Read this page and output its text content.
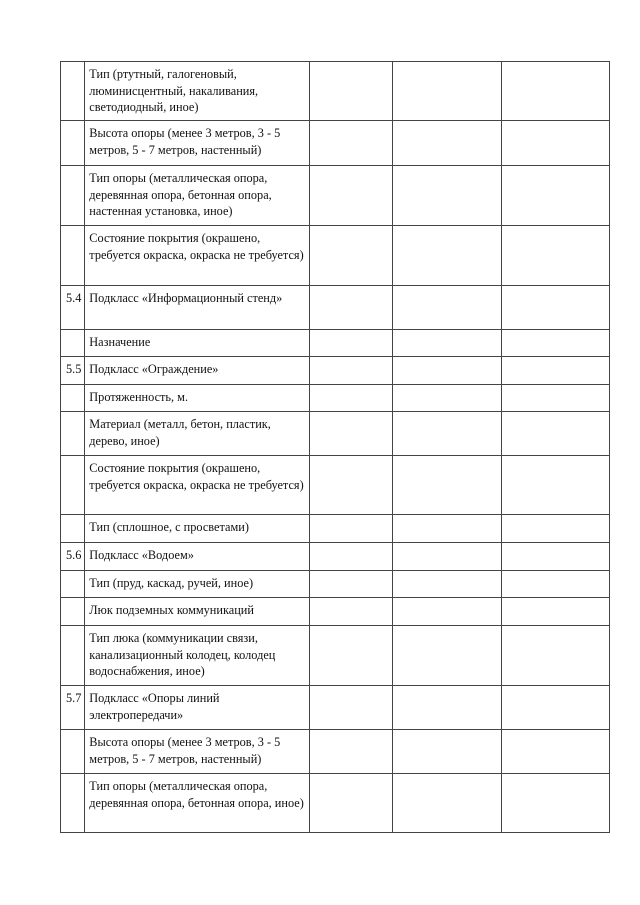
	Тип (ртутный, галогеновый, люминисцентный, накаливания, светодиодный, иное)			
	Высота опоры (менее 3 метров, 3 - 5 метров, 5 - 7 метров, настенный)			
	Тип опоры (металлическая опора, деревянная опора, бетонная опора, настенная установка, иное)			
	Состояние покрытия (окрашено, требуется окраска, окраска не требуется)			
5.4	Подкласс «Информационный стенд»			
	Назначение			
5.5	Подкласс «Ограждение»			
	Протяженность, м.			
	Материал (металл, бетон, пластик, дерево, иное)			
	Состояние покрытия (окрашено, требуется окраска, окраска не требуется)			
	Тип (сплошное, с просветами)			
5.6	Подкласс «Водоем»			
	Тип (пруд, каскад, ручей, иное)			
	Люк подземных коммуникаций			
	Тип люка (коммуникации связи, канализационный колодец, колодец водоснабжения, иное)			
5.7	Подкласс «Опоры линий электропередачи»			
	Высота опоры (менее 3 метров, 3 - 5 метров, 5 - 7 метров, настенный)			
	Тип опоры (металлическая опора, деревянная опора, бетонная опора, иное)			
